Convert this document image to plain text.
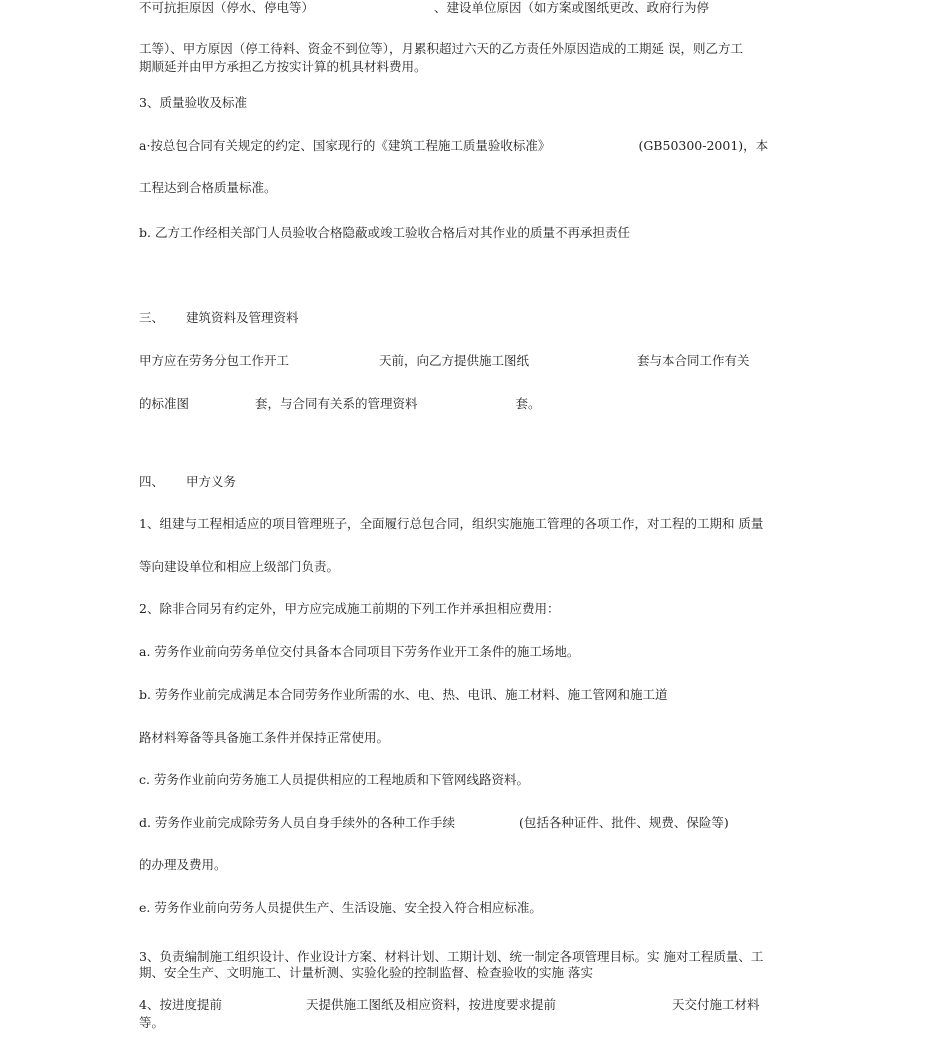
不可抗拒原因（停水、停电等）	、建设单位原因（如方案或图纸更改、政府行为停
工等）、甲方原因（停工待料、资金不到位等），月累积超过六天的乙方责任外原因造成的工期延 误，则乙方工
期顺延并由甲方承担乙方按实计算的机具材料费用。
3、质量验收及标准
a·按总包合同有关规定的约定、国家现行的《建筑工程施工质量验收标准》	(GB50300-2001)，本
工程达到合格质量标准。
b. 乙方工作经相关部门人员验收合格隐蔽或竣工验收合格后对其作业的质量不再承担责任
三、 建筑资料及管理资料
甲方应在劳务分包工作开工	天前，向乙方提供施工图纸	套与本合同工作有关
的标准图	套，与合同有关系的管理资料	套。
四、 甲方义务
1、组建与工程相适应的项目管理班子，全面履行总包合同，组织实施施工管理的各项工作，对工程的工期和 质量
等向建设单位和相应上级部门负责。
2、除非合同另有约定外，甲方应完成施工前期的下列工作并承担相应费用：
a. 劳务作业前向劳务单位交付具备本合同项目下劳务作业开工条件的施工场地。
b. 劳务作业前完成满足本合同劳务作业所需的水、电、热、电讯、施工材料、施工管网和施工道
路材料筹备等具备施工条件并保持正常使用。
c. 劳务作业前向劳务施工人员提供相应的工程地质和下管网线路资料。
d. 劳务作业前完成除劳务人员自身手续外的各种工作手续	(包括各种证件、批件、规费、保险等)
的办理及费用。
e. 劳务作业前向劳务人员提供生产、生活设施、安全投入符合相应标准。
3、负责编制施工组织设计、作业设计方案、材料计划、工期计划、统一制定各项管理目标。实 施对工程质量、工
期、安全生产、文明施工、计量析测、实验化验的控制监督、检查验收的实施 落实
4、按进度提前	天提供施工图纸及相应资料，按进度要求提前	天交付施工材料
等。
